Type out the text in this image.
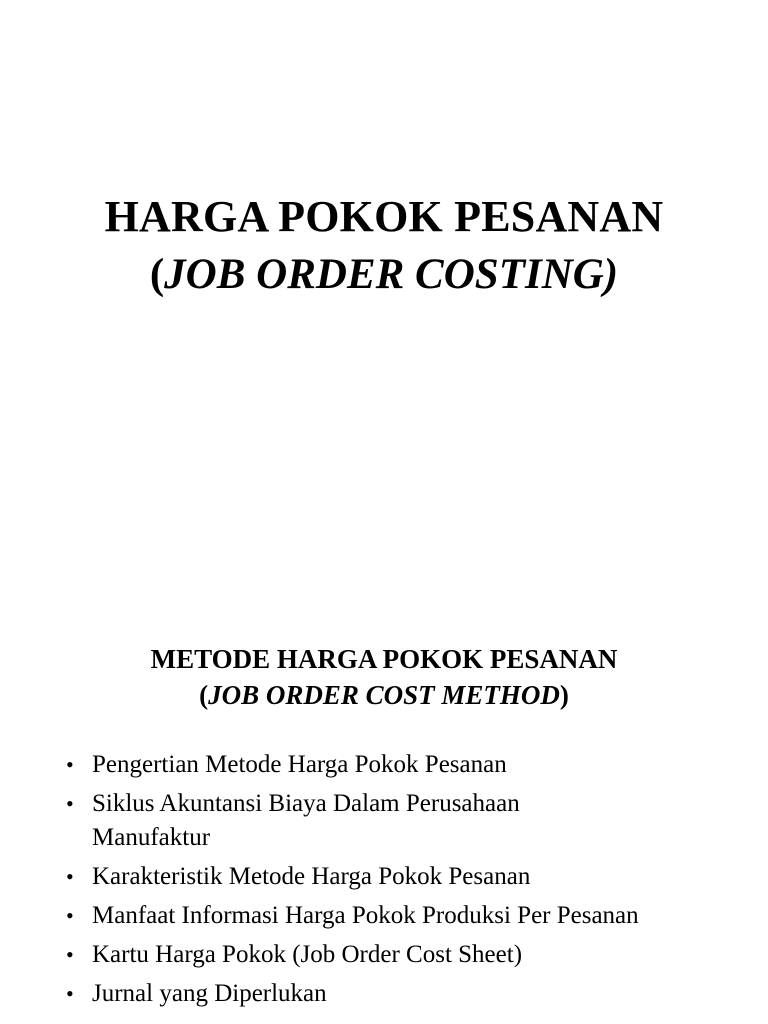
HARGA POKOK PESANAN
(JOB ORDER COSTING)
METODE HARGA POKOK PESANAN
(JOB ORDER COST METHOD)
• Pengertian Metode Harga Pokok Pesanan
• Siklus Akuntansi Biaya Dalam Perusahaan
Manufaktur
• Karakteristik Metode Harga Pokok Pesanan
• Manfaat Informasi Harga Pokok Produksi Per Pesanan
• Kartu Harga Pokok (Job Order Cost Sheet)
• Jurnal yang Diperlukan
